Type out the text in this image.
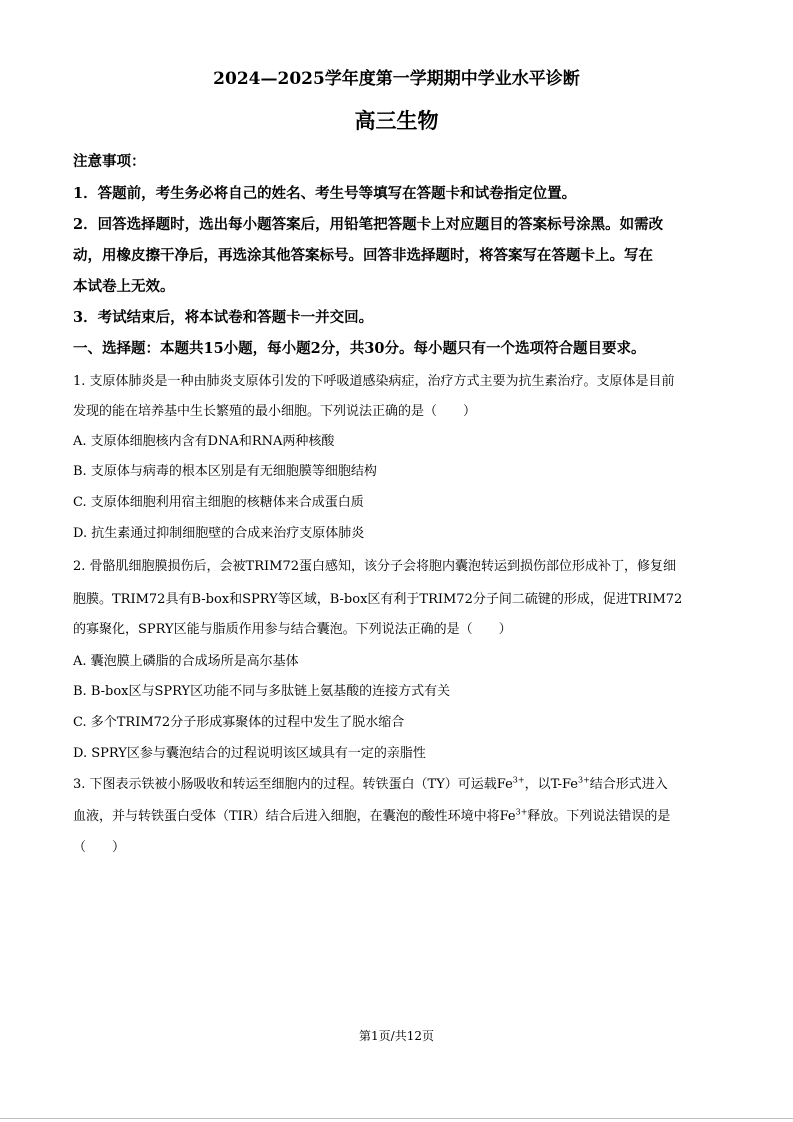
2024—2025学年度第一学期期中学业水平诊断
高三生物
注意事项：
1．答题前，考生务必将自己的姓名、考生号等填写在答题卡和试卷指定位置。
2．回答选择题时，选出每小题答案后，用铅笔把答题卡上对应题目的答案标号涂黑。如需改
动，用橡皮擦干净后，再选涂其他答案标号。回答非选择题时，将答案写在答题卡上。写在
本试卷上无效。
3．考试结束后，将本试卷和答题卡一并交回。
一、选择题：本题共15小题，每小题2分，共30分。每小题只有一个选项符合题目要求。
1. 支原体肺炎是一种由肺炎支原体引发的下呼吸道感染病症，治疗方式主要为抗生素治疗。支原体是目前
发现的能在培养基中生长繁殖的最小细胞。下列说法正确的是（　　）
A. 支原体细胞核内含有DNA和RNA两种核酸
B. 支原体与病毒的根本区别是有无细胞膜等细胞结构
C. 支原体细胞利用宿主细胞的核糖体来合成蛋白质
D. 抗生素通过抑制细胞壁的合成来治疗支原体肺炎
2. 骨骼肌细胞膜损伤后，会被TRIM72蛋白感知，该分子会将胞内囊泡转运到损伤部位形成补丁，修复细
胞膜。TRIM72具有B-box和SPRY等区域，B-box区有利于TRIM72分子间二硫键的形成，促进TRIM72
的寡聚化，SPRY区能与脂质作用参与结合囊泡。下列说法正确的是（　　）
A. 囊泡膜上磷脂的合成场所是高尔基体
B. B-box区与SPRY区功能不同与多肽链上氨基酸的连接方式有关
C. 多个TRIM72分子形成寡聚体的过程中发生了脱水缩合
D. SPRY区参与囊泡结合的过程说明该区域具有一定的亲脂性
3. 下图表示铁被小肠吸收和转运至细胞内的过程。转铁蛋白（TY）可运载$Fe^{3+}$，以$T-Fe^{3+}$结合形式进入
血液，并与转铁蛋白受体（TIR）结合后进入细胞，在囊泡的酸性环境中将$Fe^{3+}$释放。下列说法错误的是
（　　）
第1页/共12页
